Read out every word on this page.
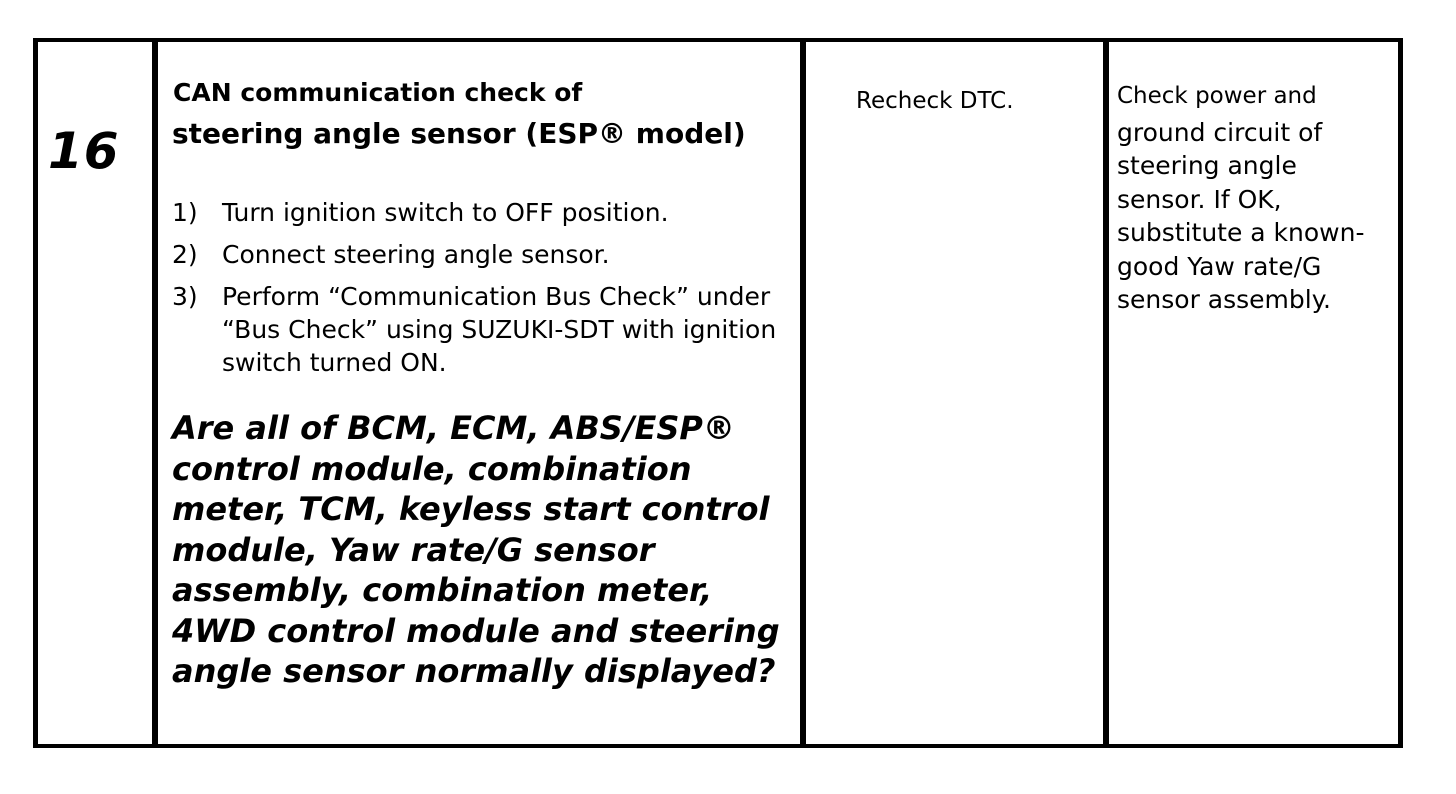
16
CAN communication check of
steering angle sensor (ESP® model)
1) Turn ignition switch to OFF position.
2) Connect steering angle sensor.
3) Perform “Communication Bus Check” under “Bus Check” using SUZUKI-SDT with ignition switch turned ON.
Are all of BCM, ECM, ABS/ESP® control module, combination meter, TCM, keyless start control module, Yaw rate/G sensor assembly, combination meter, 4WD control module and steering angle sensor normally displayed?
Recheck DTC.	Check power and
ground circuit of steering angle sensor. If OK, substitute a known-good Yaw rate/G sensor assembly.
